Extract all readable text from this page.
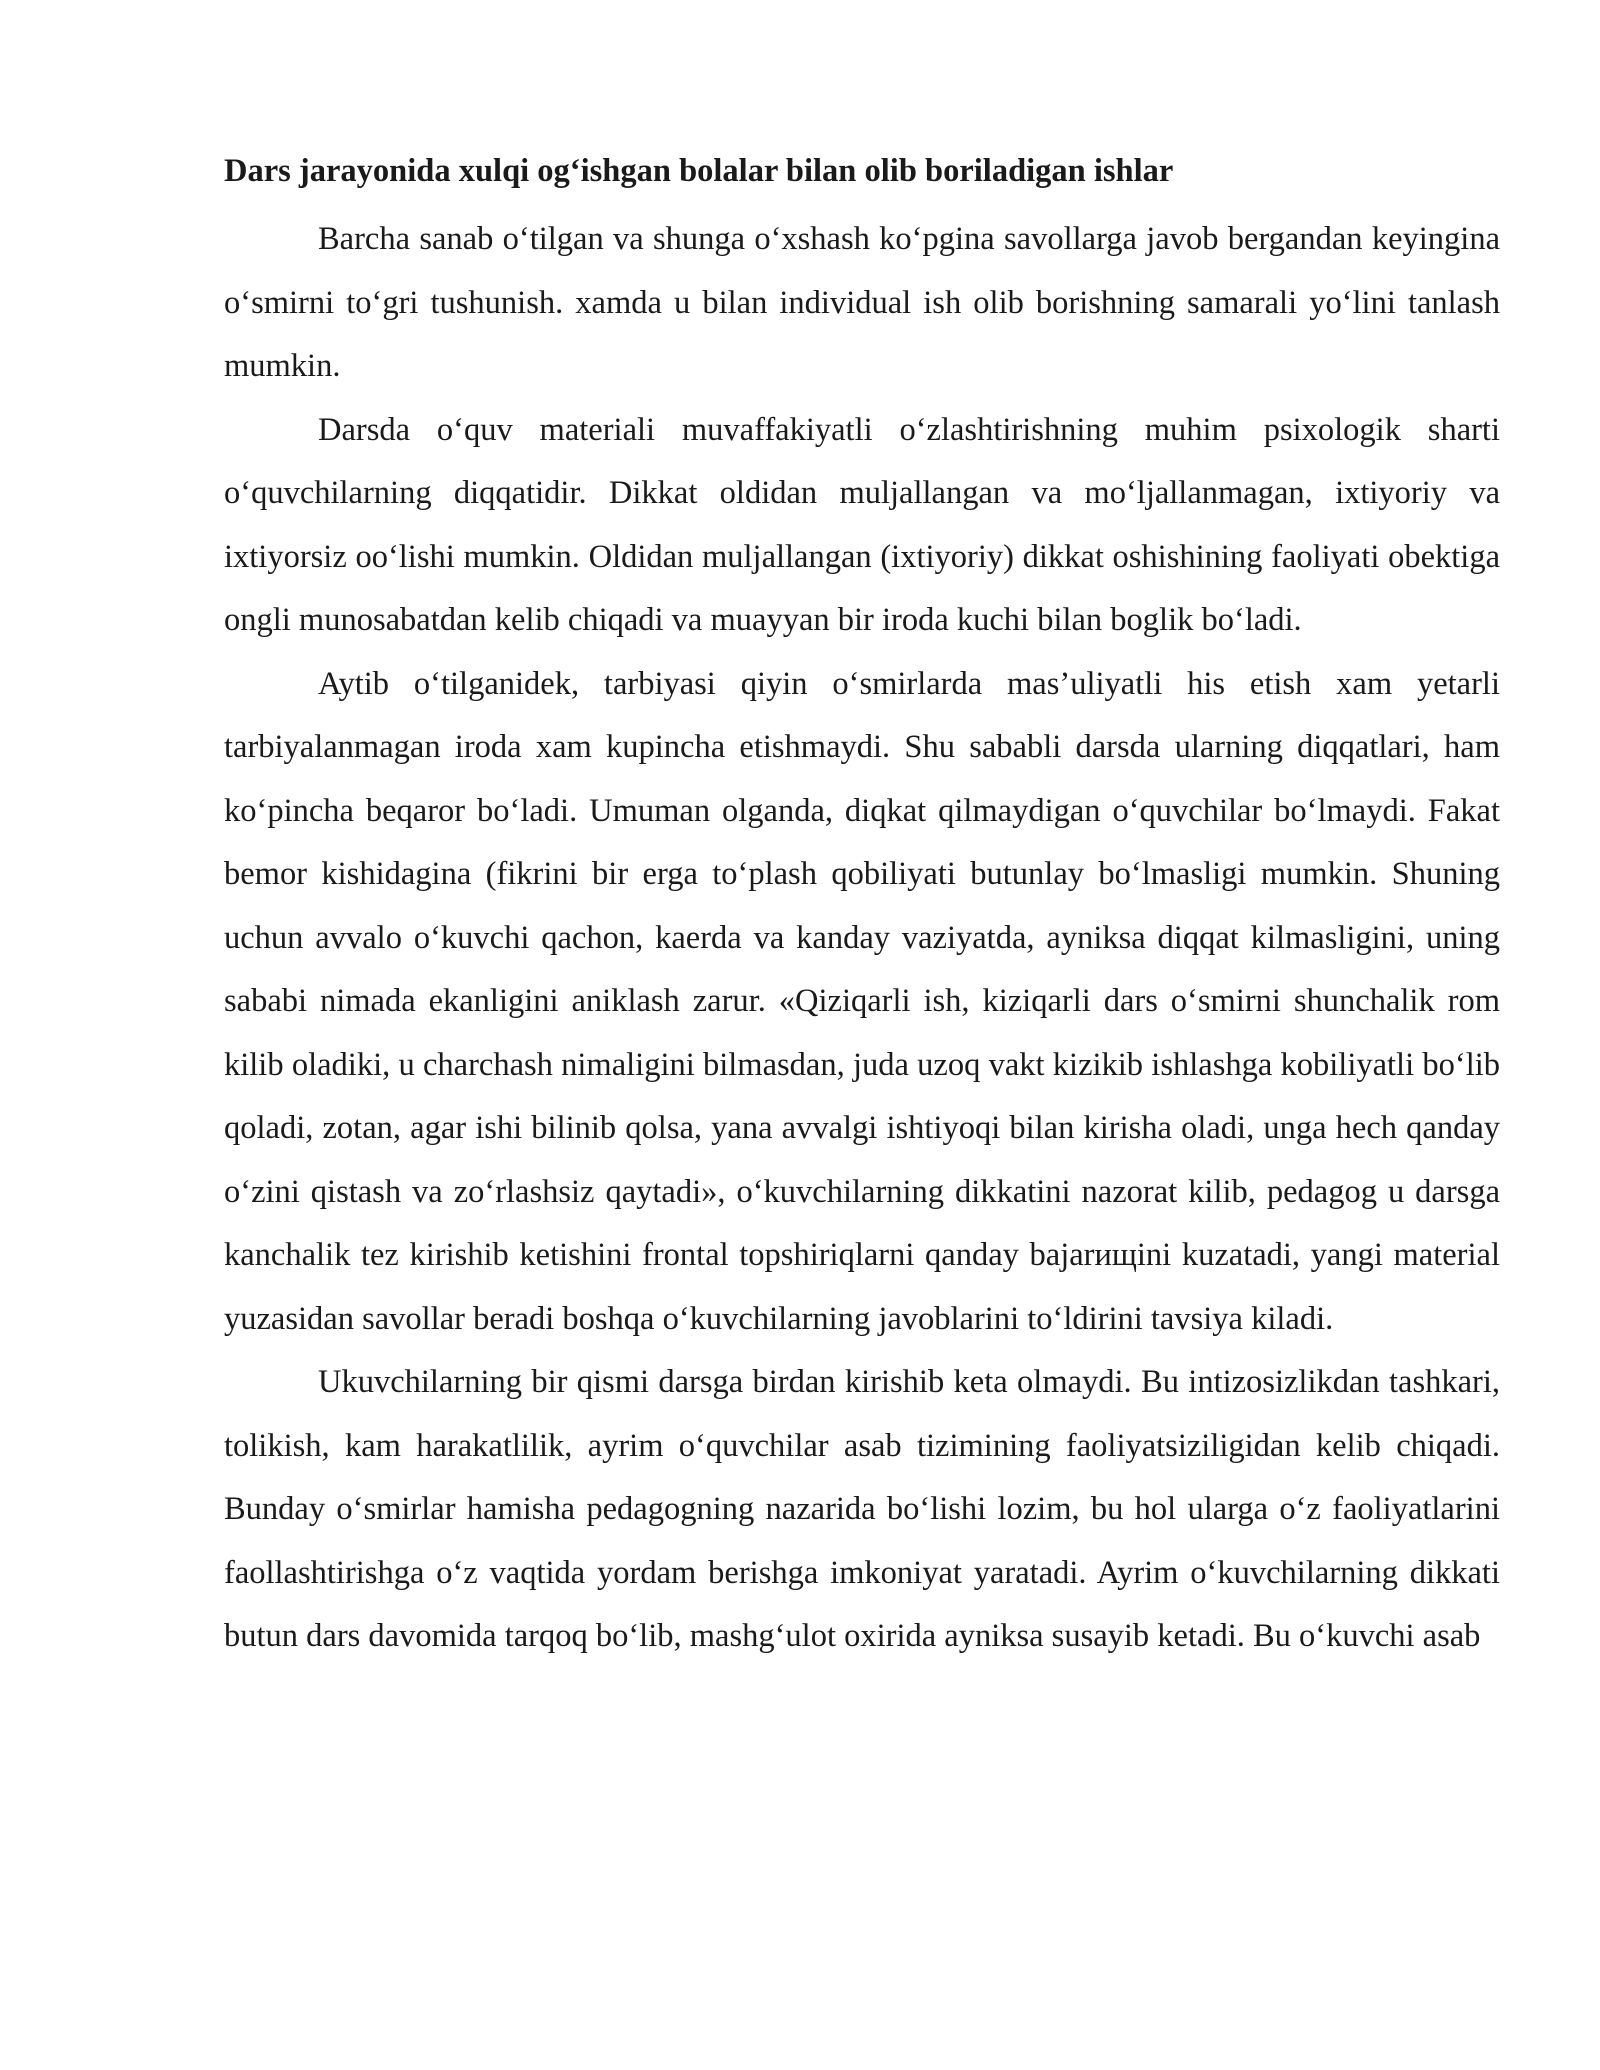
Dars jarayonida xulqi og‘ishgan bolalar bilan olib boriladigan ishlar

Barcha sanab o‘tilgan va shunga o‘xshash ko‘pgina savollarga javob bergandan keyingina o‘smirni to‘gri tushunish. xamda u bilan individual ish olib borishning samarali yo‘lini tanlash mumkin.

Darsda o‘quv materiali muvaffakiyatli o‘zlashtirishning muhim psixologik sharti o‘quvchilarning diqqatidir. Dikkat oldidan muljallangan va mo‘ljallanmagan, ixtiyoriy va ixtiyorsiz oo‘lishi mumkin. Oldidan muljallangan (ixtiyoriy) dikkat oshishining faoliyati obektiga ongli munosabatdan kelib chiqadi va muayyan bir iroda kuchi bilan boglik bo‘ladi.

Aytib o‘tilganidek, tarbiyasi qiyin o‘smirlarda mas’uliyatli his etish xam yetarli tarbiyalanmagan iroda xam kupincha etishmaydi. Shu sababli darsda ularning diqqatlari, ham ko‘pincha beqaror bo‘ladi. Umuman olganda, diqkat qilmaydigan o‘quvchilar bo‘lmaydi. Fakat bemor kishidagina (fikrini bir erga to‘plash qobiliyati butunlay bo‘lmasligi mumkin. Shuning uchun avvalo o‘kuvchi qachon, kaerda va kanday vaziyatda, ayniksa diqqat kilmasligini, uning sababi nimada ekanligini aniklash zarur. «Qiziqarli ish, kiziqarli dars o‘smirni shunchalik rom kilib oladiki, u charchash nimaligini bilmasdan, juda uzoq vakt kizikib ishlashga kobiliyatli bo‘lib qoladi, zotan, agar ishi bilinib qolsa, yana avvalgi ishtiyoqi bilan kirisha oladi, unga hech qanday o‘zini qistash va zo‘rlashsiz qaytadi», o‘kuvchilarning dikkatini nazorat kilib, pedagog u darsga kanchalik tez kirishib ketishini frontal topshiriqlarni qanday bajarищini kuzatadi, yangi material yuzasidan savollar beradi boshqa o‘kuvchilarning javoblarini to‘ldirini tavsiya kiladi.

Ukuvchilarning bir qismi darsga birdan kirishib keta olmaydi. Bu intizosizlikdan tashkari, tolikish, kam harakatlilik, ayrim o‘quvchilar asab tizimining faoliyatsiziligidan kelib chiqadi. Bunday o‘smirlar hamisha pedagogning nazarida bo‘lishi lozim, bu hol ularga o‘z faoliyatlarini faollashtirishga o‘z vaqtida yordam berishga imkoniyat yaratadi. Ayrim o‘kuvchilarning dikkati butun dars davomida tarqoq bo‘lib, mashg‘ulot oxirida ayniksa susayib ketadi. Bu o‘kuvchi asab
